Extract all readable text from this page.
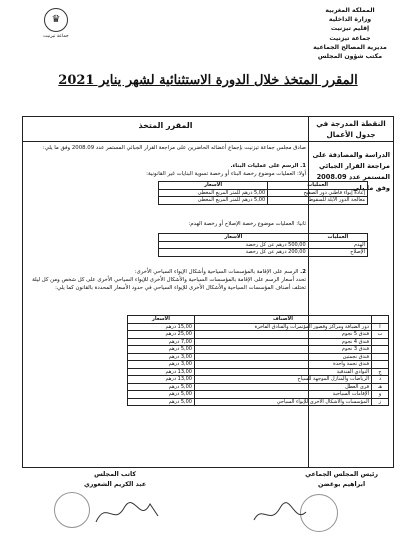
♛
جماعة تيزنيت
المملكة المغربية
وزارة الداخلية
إقليم تيزنيت
جماعة تيزنيت
مديرية المصالح الجماعية
مكتب شؤون المجلس
المقرر المتخذ خلال الدورة الاستثنائية لشهر يناير 2021
المقرر المتخذ	النقطة المدرجة في جدول الأعمال
الدراسة والمصادقة على مراجعة القرار الجبائي المستمر عدد 2008.09 وفق ما يلي
صادق مجلس جماعة تيزنيت بإجماع أعضائه الحاضرين على مراجعة القرار الجبائي المستمر عدد 2008.09 وفق ما يلي:
1. الرسم على عمليات البناء.
أولا: العمليات موضوع رخصة البناء أو رخصة تسوية البنايات غير القانونية:
العمليات	الأسعار
إعادة إيواء قاطني دور الصفيح	5,00 درهم للمتر المربع المغطى
معالجة الدور الآيلة للسقوط	5,00 درهم للمتر المربع المغطى
ثانيا: العمليات موضوع رخصة الإصلاح أو رخصة الهدم:
العمليات	الأسعار
الهدم	500,00 درهم عن كل رخصة
الإصلاح	200,00 درهم عن كل رخصة
2. الرسم على الإقامة بالمؤسسات السياحية وأشكال الإيواء السياحي الأخرى:
تحدد أسعار الرسم على الإقامة بالمؤسسات السياحية والأشكال الأخرى للإيواء السياحي الأخرى على كل شخص ومن كل ليلة تختلف أصناف المؤسسات السياحية والأشكال الأخرى للإيواء السياحي في حدود الأسعار المحددة بالقانون كما يلي:
	الأصناف	الأسعار
أ	دور الضيافة ومراكز وقصور المؤتمرات والفنادق الفاخرة	15,00 درهم
ب	فندق 5 نجوم	25,00 درهم
	فندق 4 نجوم	7,00 درهم
	فندق 3 نجوم	5,00 درهم
	فندق نجمتين	3,00 درهم
	فندق نجمة واحدة	3,00 درهم
ج	النوادي الفندقية	13,00 درهم
د	الرياضات والمنازل الموجهة للسياح	13,00 درهم
هـ	قرى العطل	5,00 درهم
و	الإقامات السياحية	5,00 درهم
ز	المؤسسات والأشكال الأخرى للإيواء السياحي	5,00 درهم
كاتب المجلس
عبد الكريم الشعوري
رئيس المجلس الجماعي
ابراهيم بوغضن
